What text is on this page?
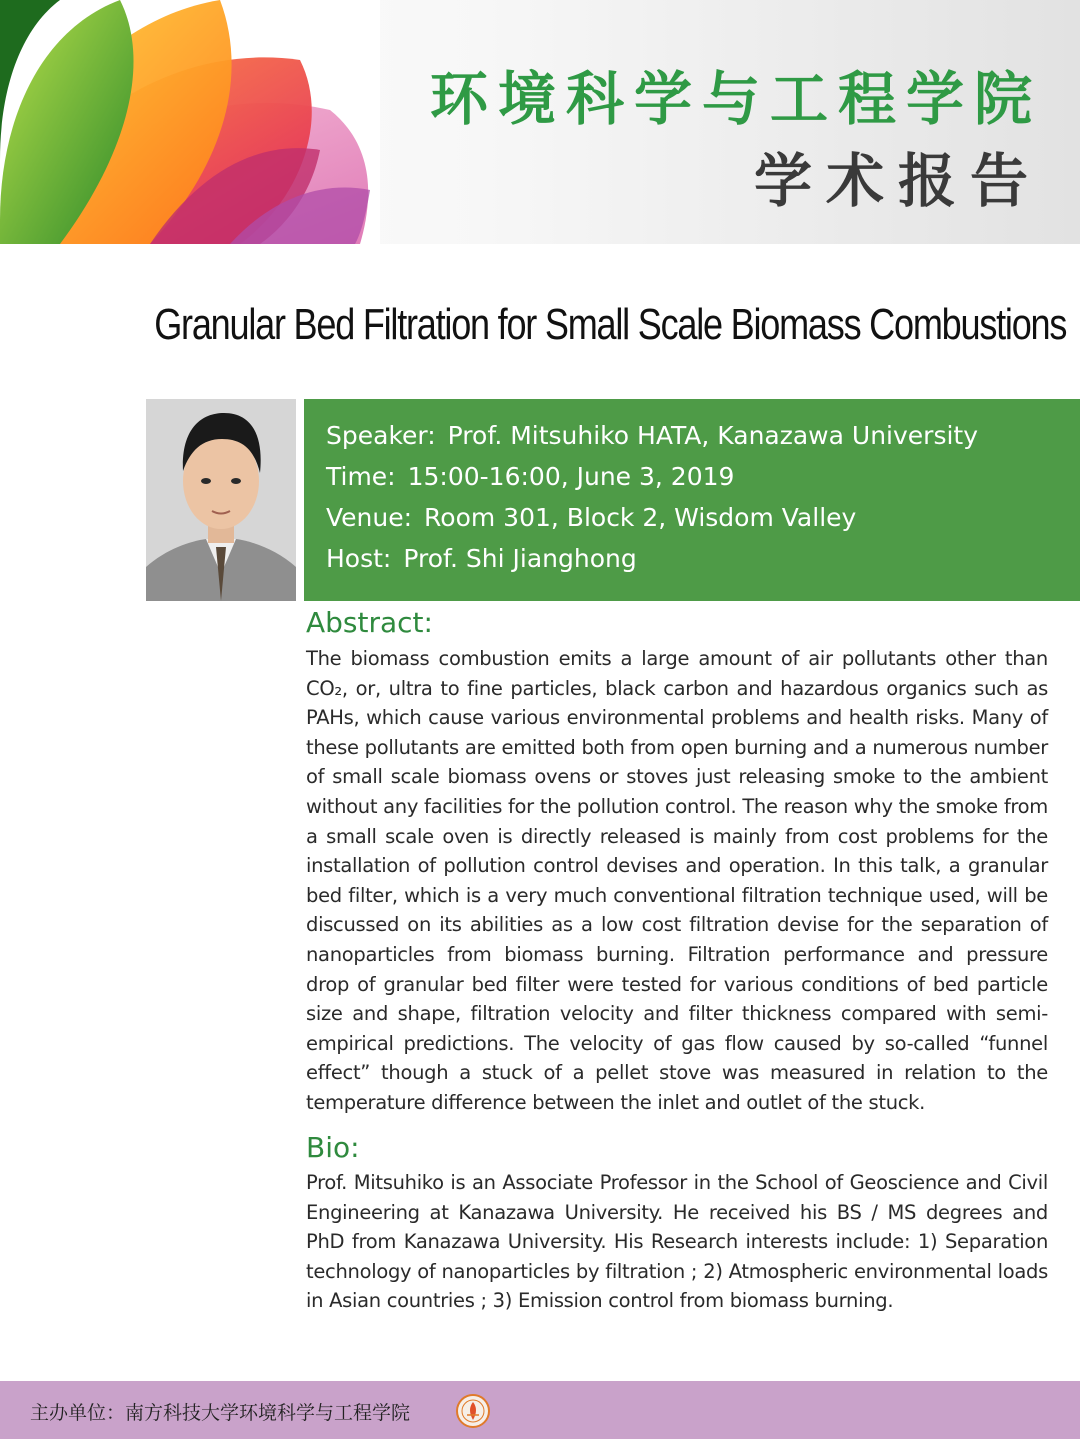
环境科学与工程学院
学术报告
Granular Bed Filtration for Small Scale Biomass Combustions
Speaker: Prof. Mitsuhiko HATA, Kanazawa University
Time: 15:00-16:00, June 3, 2019
Venue: Room 301, Block 2, Wisdom Valley
Host: Prof. Shi Jianghong
Abstract:
The biomass combustion emits a large amount of air pollutants other than CO₂, or, ultra to fine particles, black carbon and hazardous organics such as PAHs, which cause various environmental problems and health risks. Many of these pollutants are emitted both from open burning and a numerous number of small scale biomass ovens or stoves just releasing smoke to the ambient without any facilities for the pollution control. The reason why the smoke from a small scale oven is directly released is mainly from cost problems for the installation of pollution control devises and operation. In this talk, a granular bed filter, which is a very much conventional filtration technique used, will be discussed on its abilities as a low cost filtration devise for the separation of nanoparticles from biomass burning. Filtration performance and pressure drop of granular bed filter were tested for various conditions of bed particle size and shape, filtration velocity and filter thickness compared with semi-empirical predictions. The velocity of gas flow caused by so-called “funnel effect” though a stuck of a pellet stove was measured in relation to the temperature difference between the inlet and outlet of the stuck.
Bio:
Prof. Mitsuhiko is an Associate Professor in the School of Geoscience and Civil Engineering at Kanazawa University. He received his BS / MS degrees and PhD from Kanazawa University. His Research interests include: 1) Separation technology of nanoparticles by filtration ; 2) Atmospheric environmental loads in Asian countries ; 3) Emission control from biomass burning.
主办单位：南方科技大学环境科学与工程学院
